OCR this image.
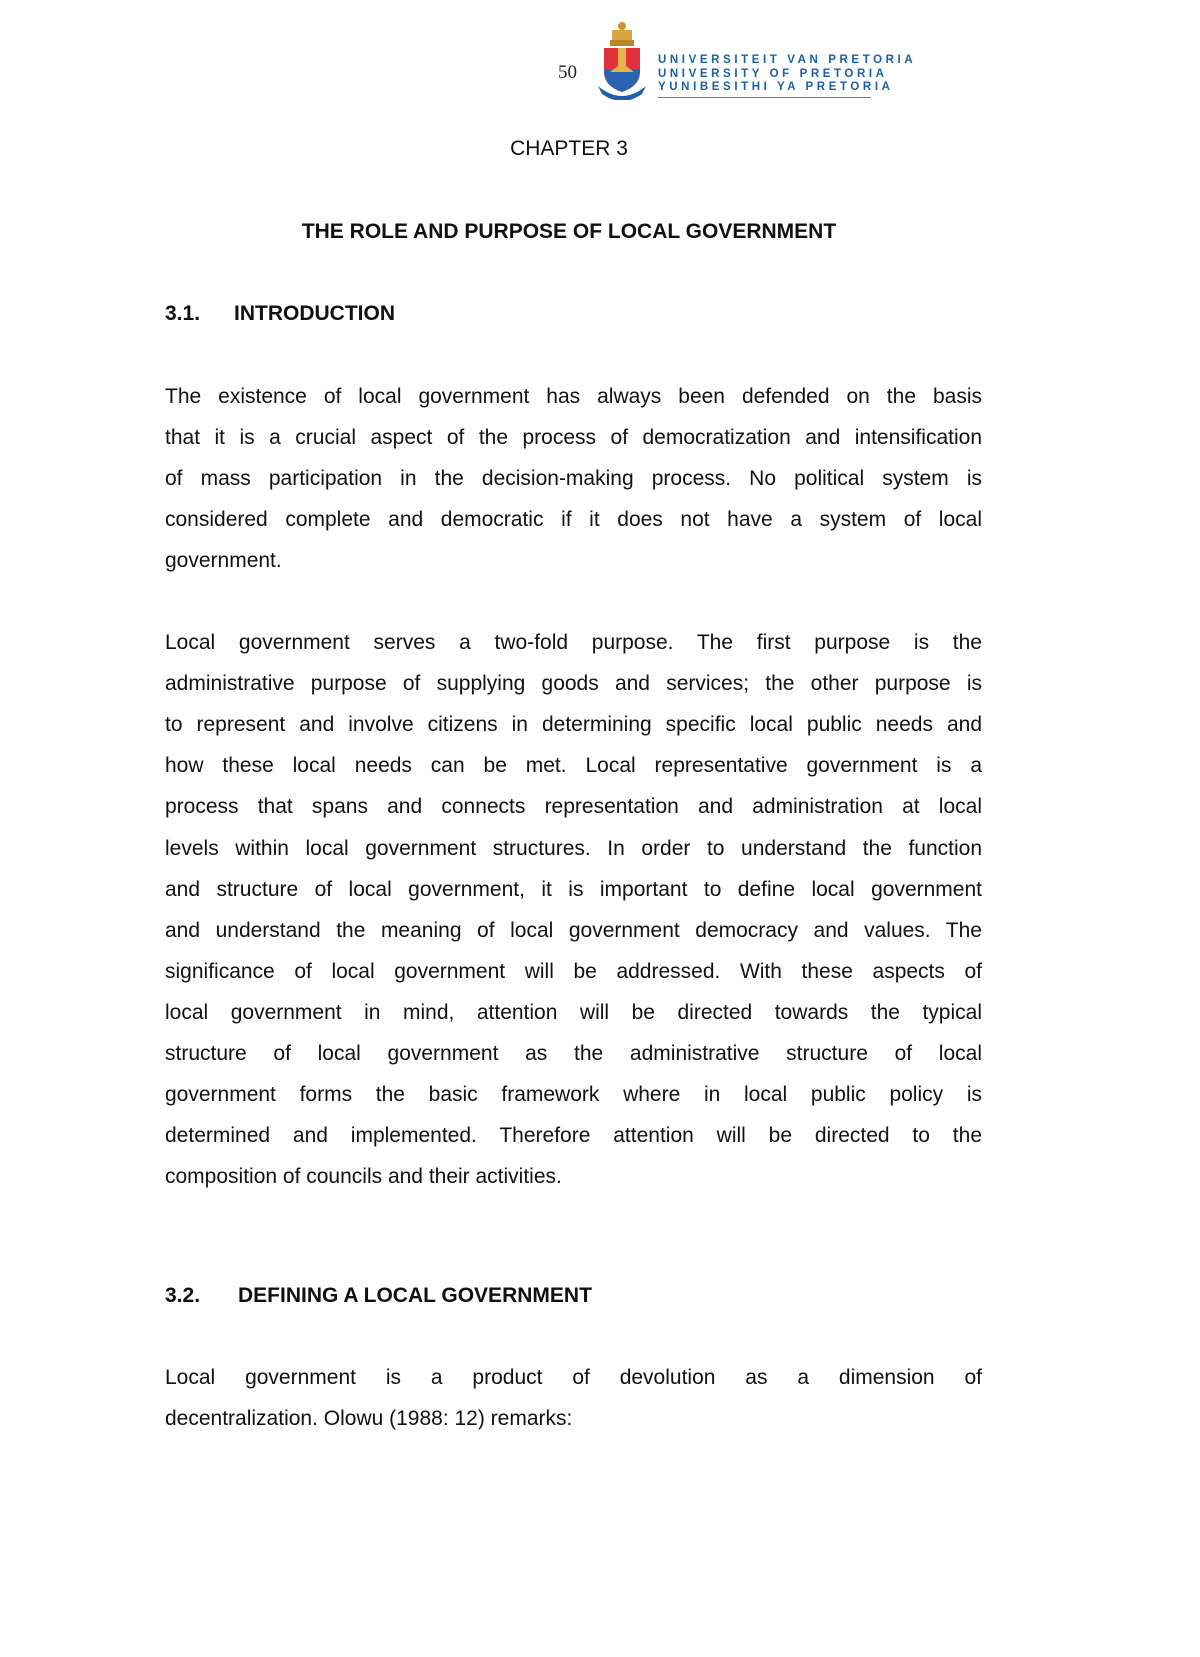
50
UNIVERSITEIT VAN PRETORIA
UNIVERSITY OF PRETORIA
YUNIBESITHI YA PRETORIA
CHAPTER 3
THE ROLE AND PURPOSE OF LOCAL GOVERNMENT
3.1. INTRODUCTION
The existence of local government has always been defended on the basis
that it is a crucial aspect of the process of democratization and intensification
of mass participation in the decision-making process. No political system is
considered complete and democratic if it does not have a system of local
government.
Local government serves a two-fold purpose. The first purpose is the
administrative purpose of supplying goods and services; the other purpose is
to represent and involve citizens in determining specific local public needs and
how these local needs can be met. Local representative government is a
process that spans and connects representation and administration at local
levels within local government structures. In order to understand the function
and structure of local government, it is important to define local government
and understand the meaning of local government democracy and values. The
significance of local government will be addressed. With these aspects of
local government in mind, attention will be directed towards the typical
structure of local government as the administrative structure of local
government forms the basic framework where in local public policy is
determined and implemented. Therefore attention will be directed to the
composition of councils and their activities.
3.2. DEFINING A LOCAL GOVERNMENT
Local government is a product of devolution as a dimension of
decentralization. Olowu (1988: 12) remarks:
